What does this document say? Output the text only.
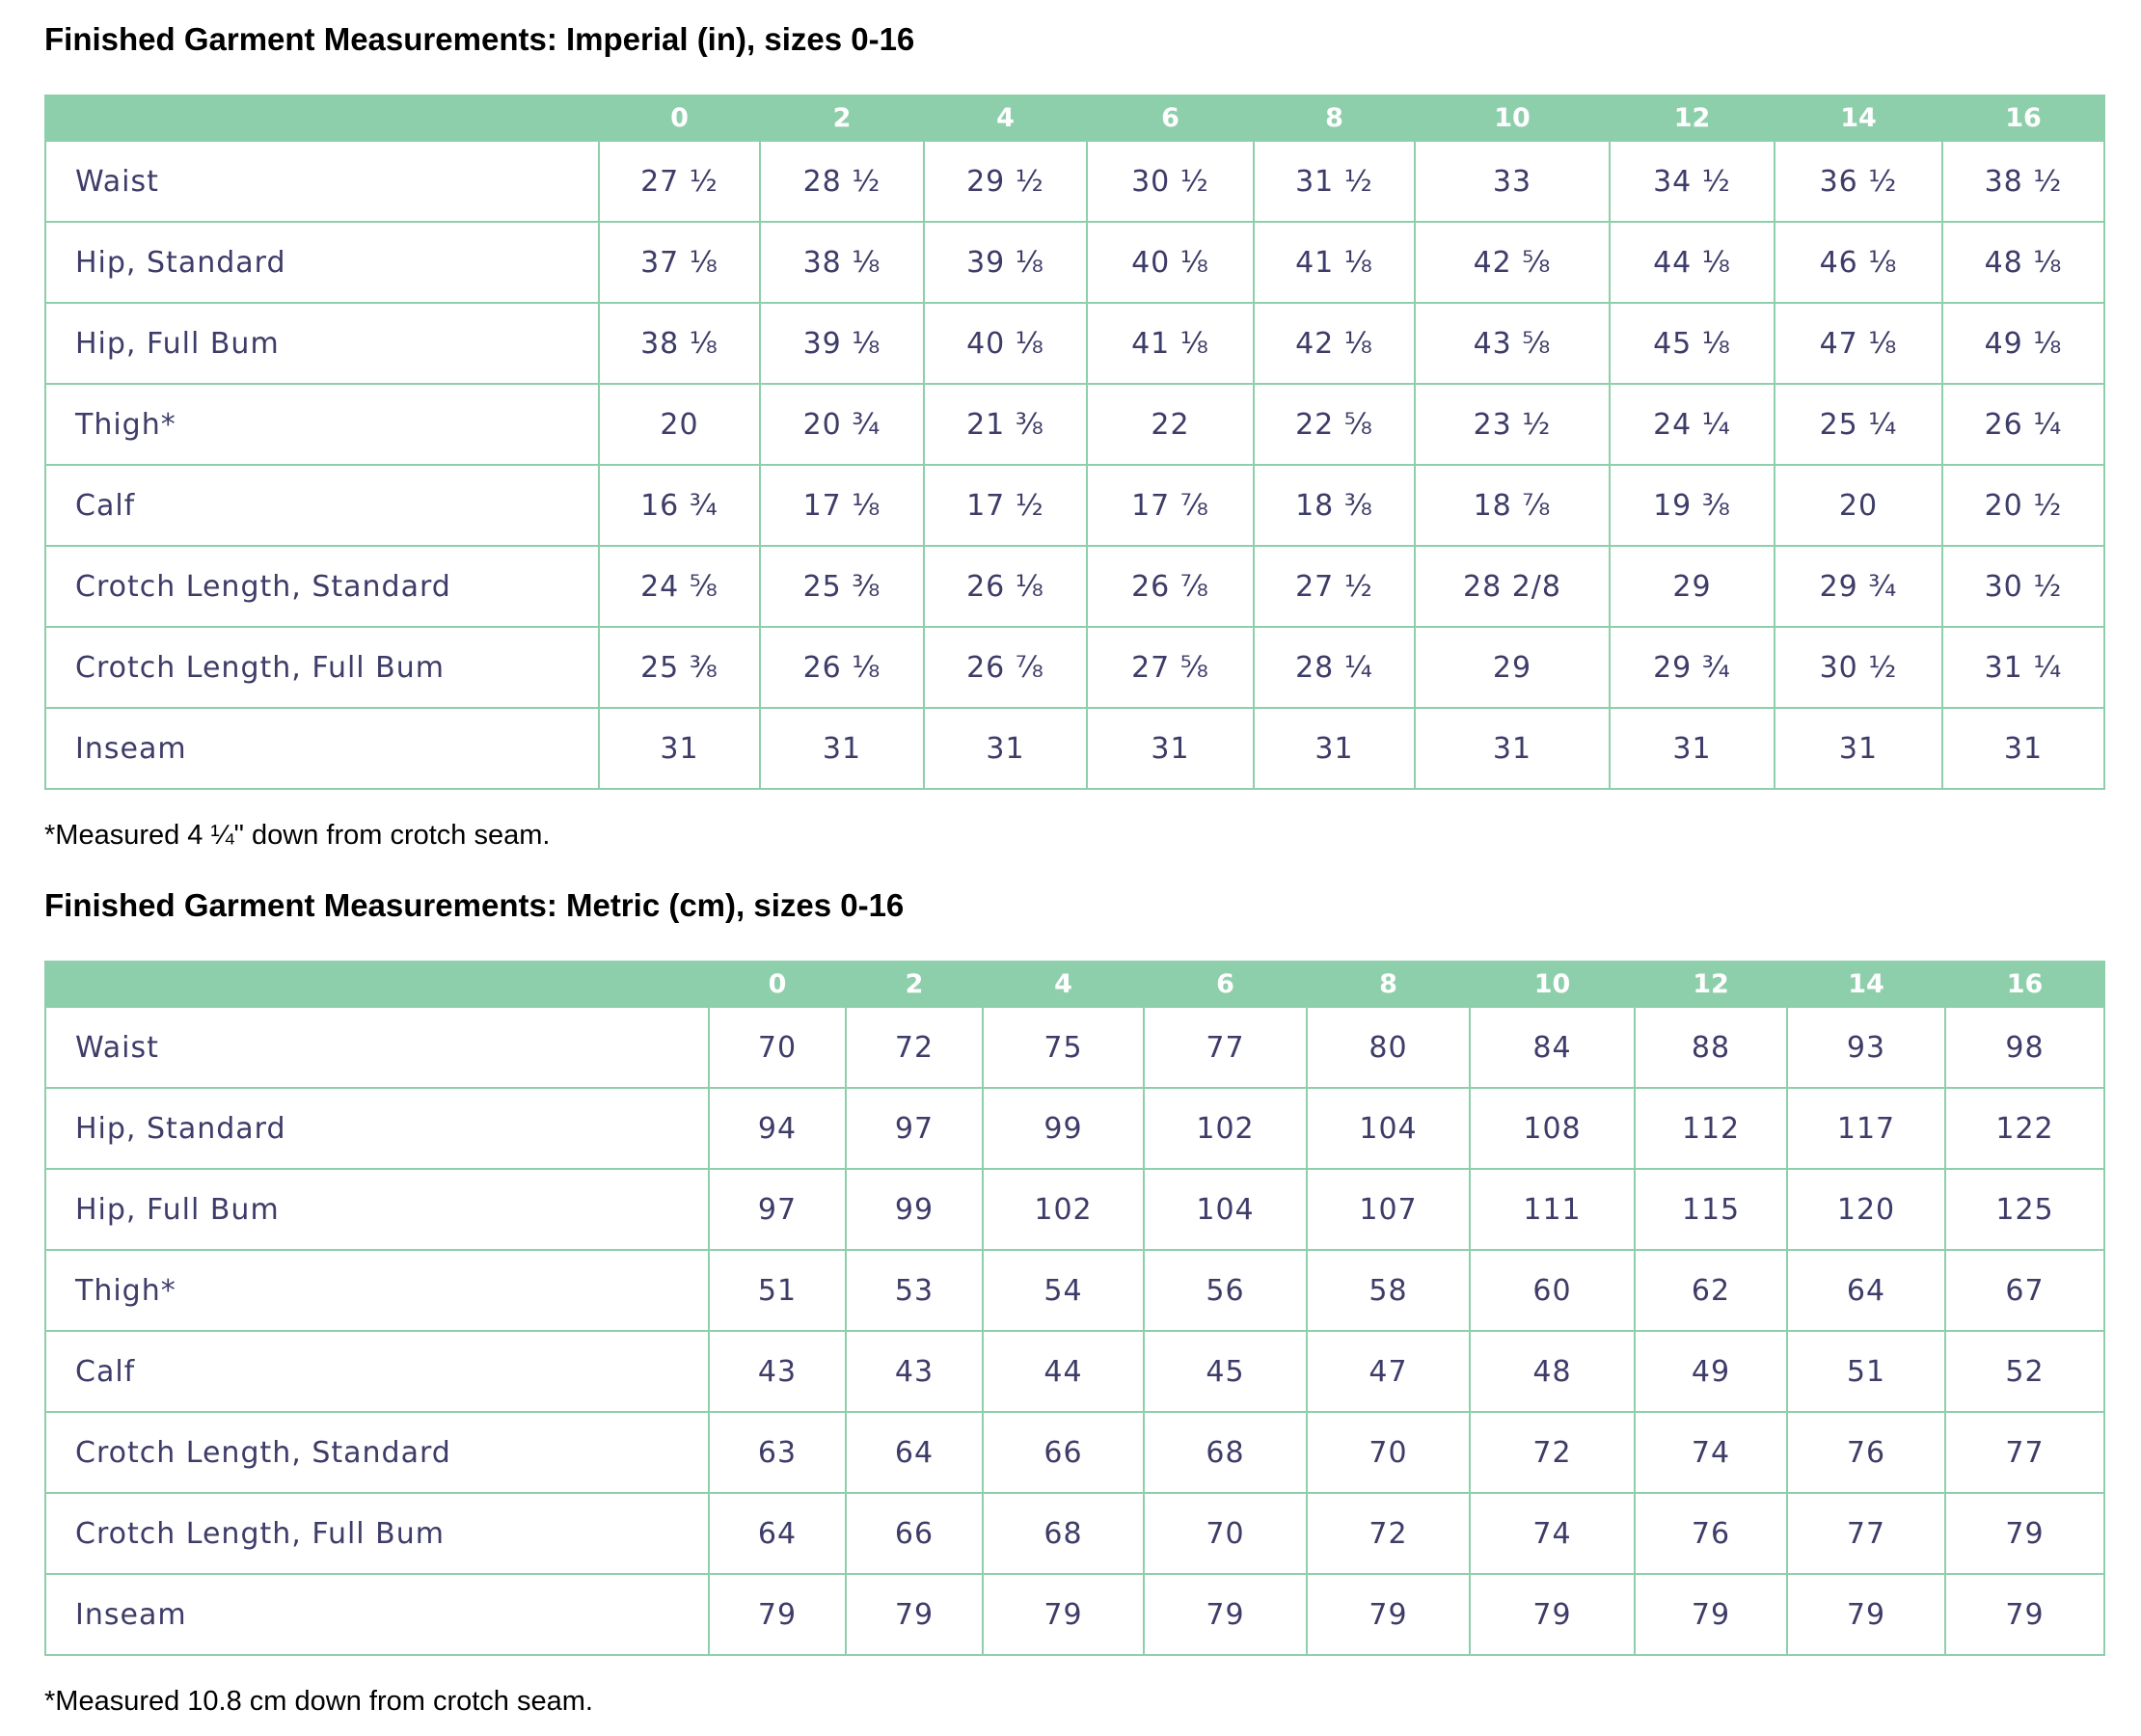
Finished Garment Measurements: Imperial (in), sizes 0-16
	0	2	4	6	8	10	12	14	16
Waist	27 ½	28 ½	29 ½	30 ½	31 ½	33	34 ½	36 ½	38 ½
Hip, Standard	37 ⅛	38 ⅛	39 ⅛	40 ⅛	41 ⅛	42 ⅝	44 ⅛	46 ⅛	48 ⅛
Hip, Full Bum	38 ⅛	39 ⅛	40 ⅛	41 ⅛	42 ⅛	43 ⅝	45 ⅛	47 ⅛	49 ⅛
Thigh*	20	20 ¾	21 ⅜	22	22 ⅝	23 ½	24 ¼	25 ¼	26 ¼
Calf	16 ¾	17 ⅛	17 ½	17 ⅞	18 ⅜	18 ⅞	19 ⅜	20	20 ½
Crotch Length, Standard	24 ⅝	25 ⅜	26 ⅛	26 ⅞	27 ½	28 2/8	29	29 ¾	30 ½
Crotch Length, Full Bum	25 ⅜	26 ⅛	26 ⅞	27 ⅝	28 ¼	29	29 ¾	30 ½	31 ¼
Inseam	31	31	31	31	31	31	31	31	31

*Measured 4 ¼" down from crotch seam.

Finished Garment Measurements: Metric (cm), sizes 0-16
	0	2	4	6	8	10	12	14	16
Waist	70	72	75	77	80	84	88	93	98
Hip, Standard	94	97	99	102	104	108	112	117	122
Hip, Full Bum	97	99	102	104	107	111	115	120	125
Thigh*	51	53	54	56	58	60	62	64	67
Calf	43	43	44	45	47	48	49	51	52
Crotch Length, Standard	63	64	66	68	70	72	74	76	77
Crotch Length, Full Bum	64	66	68	70	72	74	76	77	79
Inseam	79	79	79	79	79	79	79	79	79

*Measured 10.8 cm down from crotch seam.
